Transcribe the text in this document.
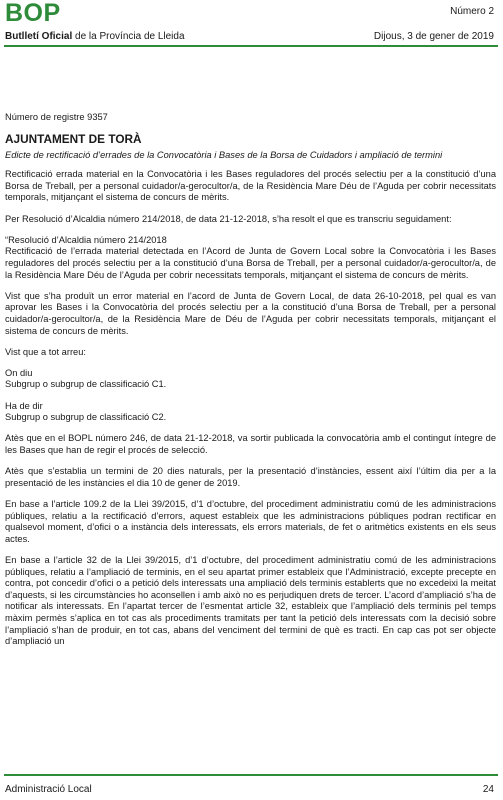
BOP	Número 2
Butlletí Oficial de la Província de Lleida	Dijous, 3 de gener de 2019

Número de registre 9357

AJUNTAMENT DE TORÀ

Edicte de rectificació d’errades de la Convocatòria i Bases de la Borsa de Cuidadors i ampliació de termini

Rectificació errada material en la Convocatòria i les Bases reguladores del procés selectiu per a la constitució d’una Borsa de Treball, per a personal cuidador/a-gerocultor/a, de la Residència Mare Déu de l’Aguda per cobrir necessitats temporals, mitjançant el sistema de concurs de mèrits.

Per Resolució d’Alcaldia número 214/2018, de data 21-12-2018, s’ha resolt el que es transcriu seguidament:

“Resolució d’Alcaldia número 214/2018

Rectificació de l’errada material detectada en l’Acord de Junta de Govern Local sobre la Convocatòria i les Bases reguladores del procés selectiu per a la constitució d’una Borsa de Treball, per a personal cuidador/a-gerocultor/a, de la Residència Mare Déu de l’Aguda per cobrir necessitats temporals, mitjançant el sistema de concurs de mèrits.

Vist que s’ha produït un error material en l’acord de Junta de Govern Local, de data 26-10-2018, pel qual es van aprovar les Bases i la Convocatòria del procés selectiu per a la constitució d’una Borsa de Treball, per a personal cuidador/a-gerocultor/a, de la Residència Mare de Déu de l’Aguda per cobrir necessitats temporals, mitjançant el sistema de concurs de mèrits.

Vist que a tot arreu:

On diu

Subgrup o subgrup de classificació C1.

Ha de dir

Subgrup o subgrup de classificació C2.

Atès que en el BOPL número 246, de data 21-12-2018, va sortir publicada la convocatòria amb el contingut íntegre de les Bases que han de regir el procés de selecció.

Atès que s’establia un termini de 20 dies naturals, per la presentació d’instàncies, essent així l’últim dia per a la presentació de les instàncies el dia 10 de gener de 2019.

En base a l’article 109.2 de la Llei 39/2015, d’1 d’octubre, del procediment administratiu comú de les administracions públiques, relatiu a la rectificació d’errors, aquest estableix que les administracions públiques podran rectificar en qualsevol moment, d’ofici o a instància dels interessats, els errors materials, de fet o aritmètics existents en els seus actes.

En base a l’article 32 de la Llei 39/2015, d’1 d’octubre, del procediment administratiu comú de les administracions públiques, relatiu a l’ampliació de terminis, en el seu apartat primer estableix que l’Administració, excepte precepte en contra, pot concedir d’ofici o a petició dels interessats una ampliació dels terminis establerts que no excedeixi la meitat d’aquests, si les circumstàncies ho aconsellen i amb això no es perjudiquen drets de tercer. L’acord d’ampliació s’ha de notificar als interessats. En l’apartat tercer de l’esmentat article 32, estableix que l’ampliació dels terminis pel temps màxim permès s’aplica en tot cas als procediments tramitats per tant la petició dels interessats com la decisió sobre l’ampliació s’han de produir, en tot cas, abans del venciment del termini de què es tracti. En cap cas pot ser objecte d’ampliació un

Administració Local	24
